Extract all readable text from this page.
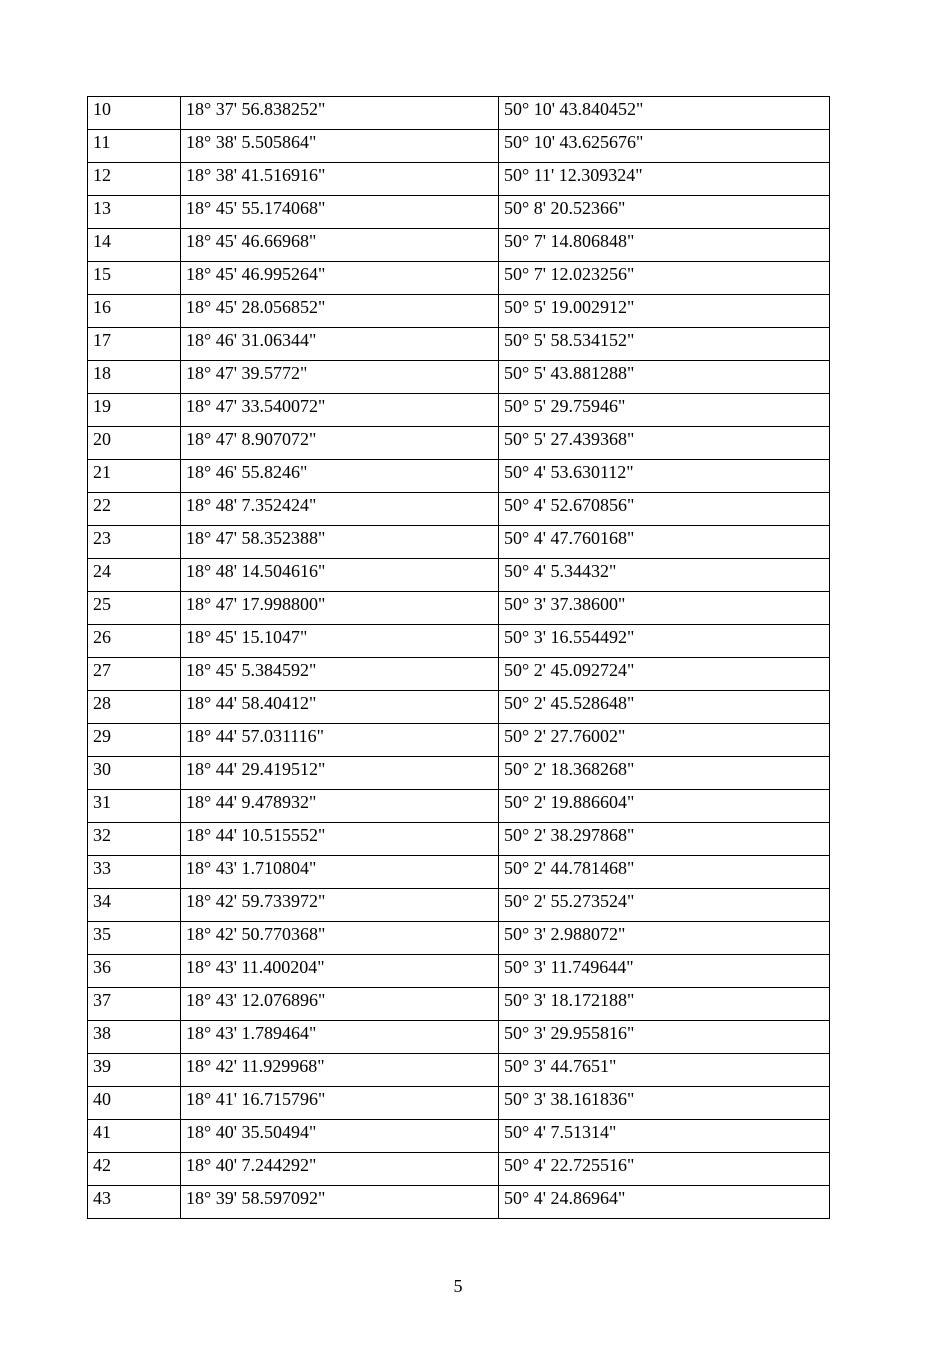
10	18° 37' 56.838252"	50° 10' 43.840452"
11	18° 38' 5.505864"	50° 10' 43.625676"
12	18° 38' 41.516916"	50° 11' 12.309324"
13	18° 45' 55.174068"	50° 8' 20.52366"
14	18° 45' 46.66968"	50° 7' 14.806848"
15	18° 45' 46.995264"	50° 7' 12.023256"
16	18° 45' 28.056852"	50° 5' 19.002912"
17	18° 46' 31.06344"	50° 5' 58.534152"
18	18° 47' 39.5772"	50° 5' 43.881288"
19	18° 47' 33.540072"	50° 5' 29.75946"
20	18° 47' 8.907072"	50° 5' 27.439368"
21	18° 46' 55.8246"	50° 4' 53.630112"
22	18° 48' 7.352424"	50° 4' 52.670856"
23	18° 47' 58.352388"	50° 4' 47.760168"
24	18° 48' 14.504616"	50° 4' 5.34432"
25	18° 47' 17.998800"	50° 3' 37.38600"
26	18° 45' 15.1047"	50° 3' 16.554492"
27	18° 45' 5.384592"	50° 2' 45.092724"
28	18° 44' 58.40412"	50° 2' 45.528648"
29	18° 44' 57.031116"	50° 2' 27.76002"
30	18° 44' 29.419512"	50° 2' 18.368268"
31	18° 44' 9.478932"	50° 2' 19.886604"
32	18° 44' 10.515552"	50° 2' 38.297868"
33	18° 43' 1.710804"	50° 2' 44.781468"
34	18° 42' 59.733972"	50° 2' 55.273524"
35	18° 42' 50.770368"	50° 3' 2.988072"
36	18° 43' 11.400204"	50° 3' 11.749644"
37	18° 43' 12.076896"	50° 3' 18.172188"
38	18° 43' 1.789464"	50° 3' 29.955816"
39	18° 42' 11.929968"	50° 3' 44.7651"
40	18° 41' 16.715796"	50° 3' 38.161836"
41	18° 40' 35.50494"	50° 4' 7.51314"
42	18° 40' 7.244292"	50° 4' 22.725516"
43	18° 39' 58.597092"	50° 4' 24.86964"
5
